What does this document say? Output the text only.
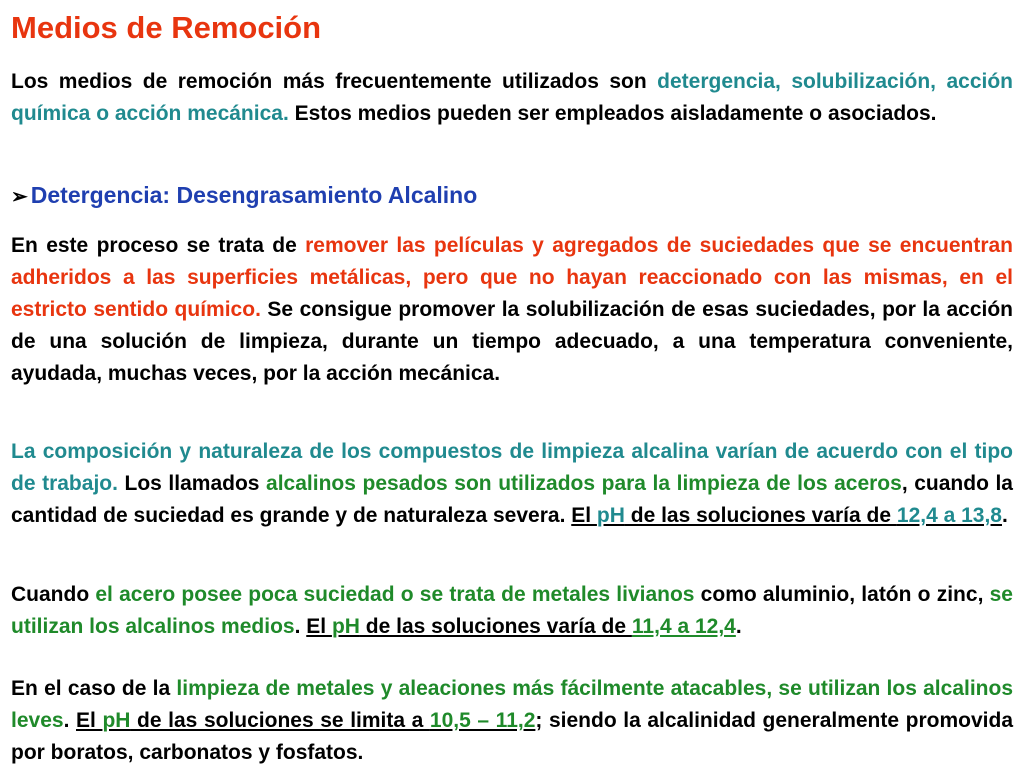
Medios de Remoción

Los medios de remoción más frecuentemente utilizados son detergencia, solubilización, acción química o acción mecánica. Estos medios pueden ser empleados aisladamente o asociados.

➢ Detergencia: Desengrasamiento Alcalino

En este proceso se trata de remover las películas y agregados de suciedades que se encuentran adheridos a las superficies metálicas, pero que no hayan reaccionado con las mismas, en el estricto sentido químico. Se consigue promover la solubilización de esas suciedades, por la acción de una solución de limpieza, durante un tiempo adecuado, a una temperatura conveniente, ayudada, muchas veces, por la acción mecánica.

La composición y naturaleza de los compuestos de limpieza alcalina varían de acuerdo con el tipo de trabajo. Los llamados alcalinos pesados son utilizados para la limpieza de los aceros, cuando la cantidad de suciedad es grande y de naturaleza severa. El pH de las soluciones varía de 12,4 a 13,8.

Cuando el acero posee poca suciedad o se trata de metales livianos como aluminio, latón o zinc, se utilizan los alcalinos medios. El pH de las soluciones varía de 11,4 a 12,4.

En el caso de la limpieza de metales y aleaciones más fácilmente atacables, se utilizan los alcalinos leves. El pH de las soluciones se limita a 10,5 – 11,2; siendo la alcalinidad generalmente promovida por boratos, carbonatos y fosfatos.
